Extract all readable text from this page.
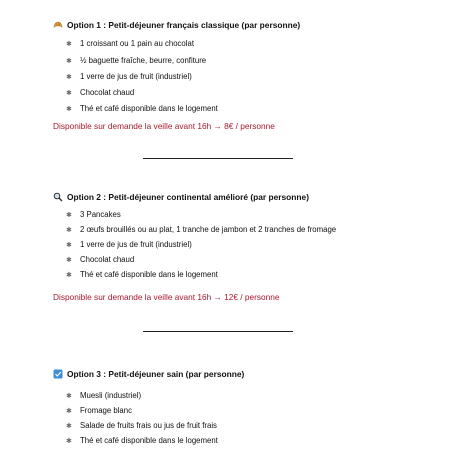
Option 1 : Petit-déjeuner français classique (par personne)
✱	1 croissant ou 1 pain au chocolat
✱	½ baguette fraîche, beurre, confiture
✱	1 verre de jus de fruit (industriel)
✱	Chocolat chaud
✱	Thé et café disponible dans le logement
Disponible sur demande la veille avant 16h → 8€ / personne
Option 2 : Petit-déjeuner continental amélioré (par personne)
✱	3 Pancakes
✱	2 œufs brouillés ou au plat, 1 tranche de jambon et 2 tranches de fromage
✱	1 verre de jus de fruit (industriel)
✱	Chocolat chaud
✱	Thé et café disponible dans le logement
Disponible sur demande la veille avant 16h → 12€ / personne
Option 3 : Petit-déjeuner sain (par personne)
✱	Muesli (industriel)
✱	Fromage blanc
✱	Salade de fruits frais ou jus de fruit frais
✱	Thé et café disponible dans le logement
